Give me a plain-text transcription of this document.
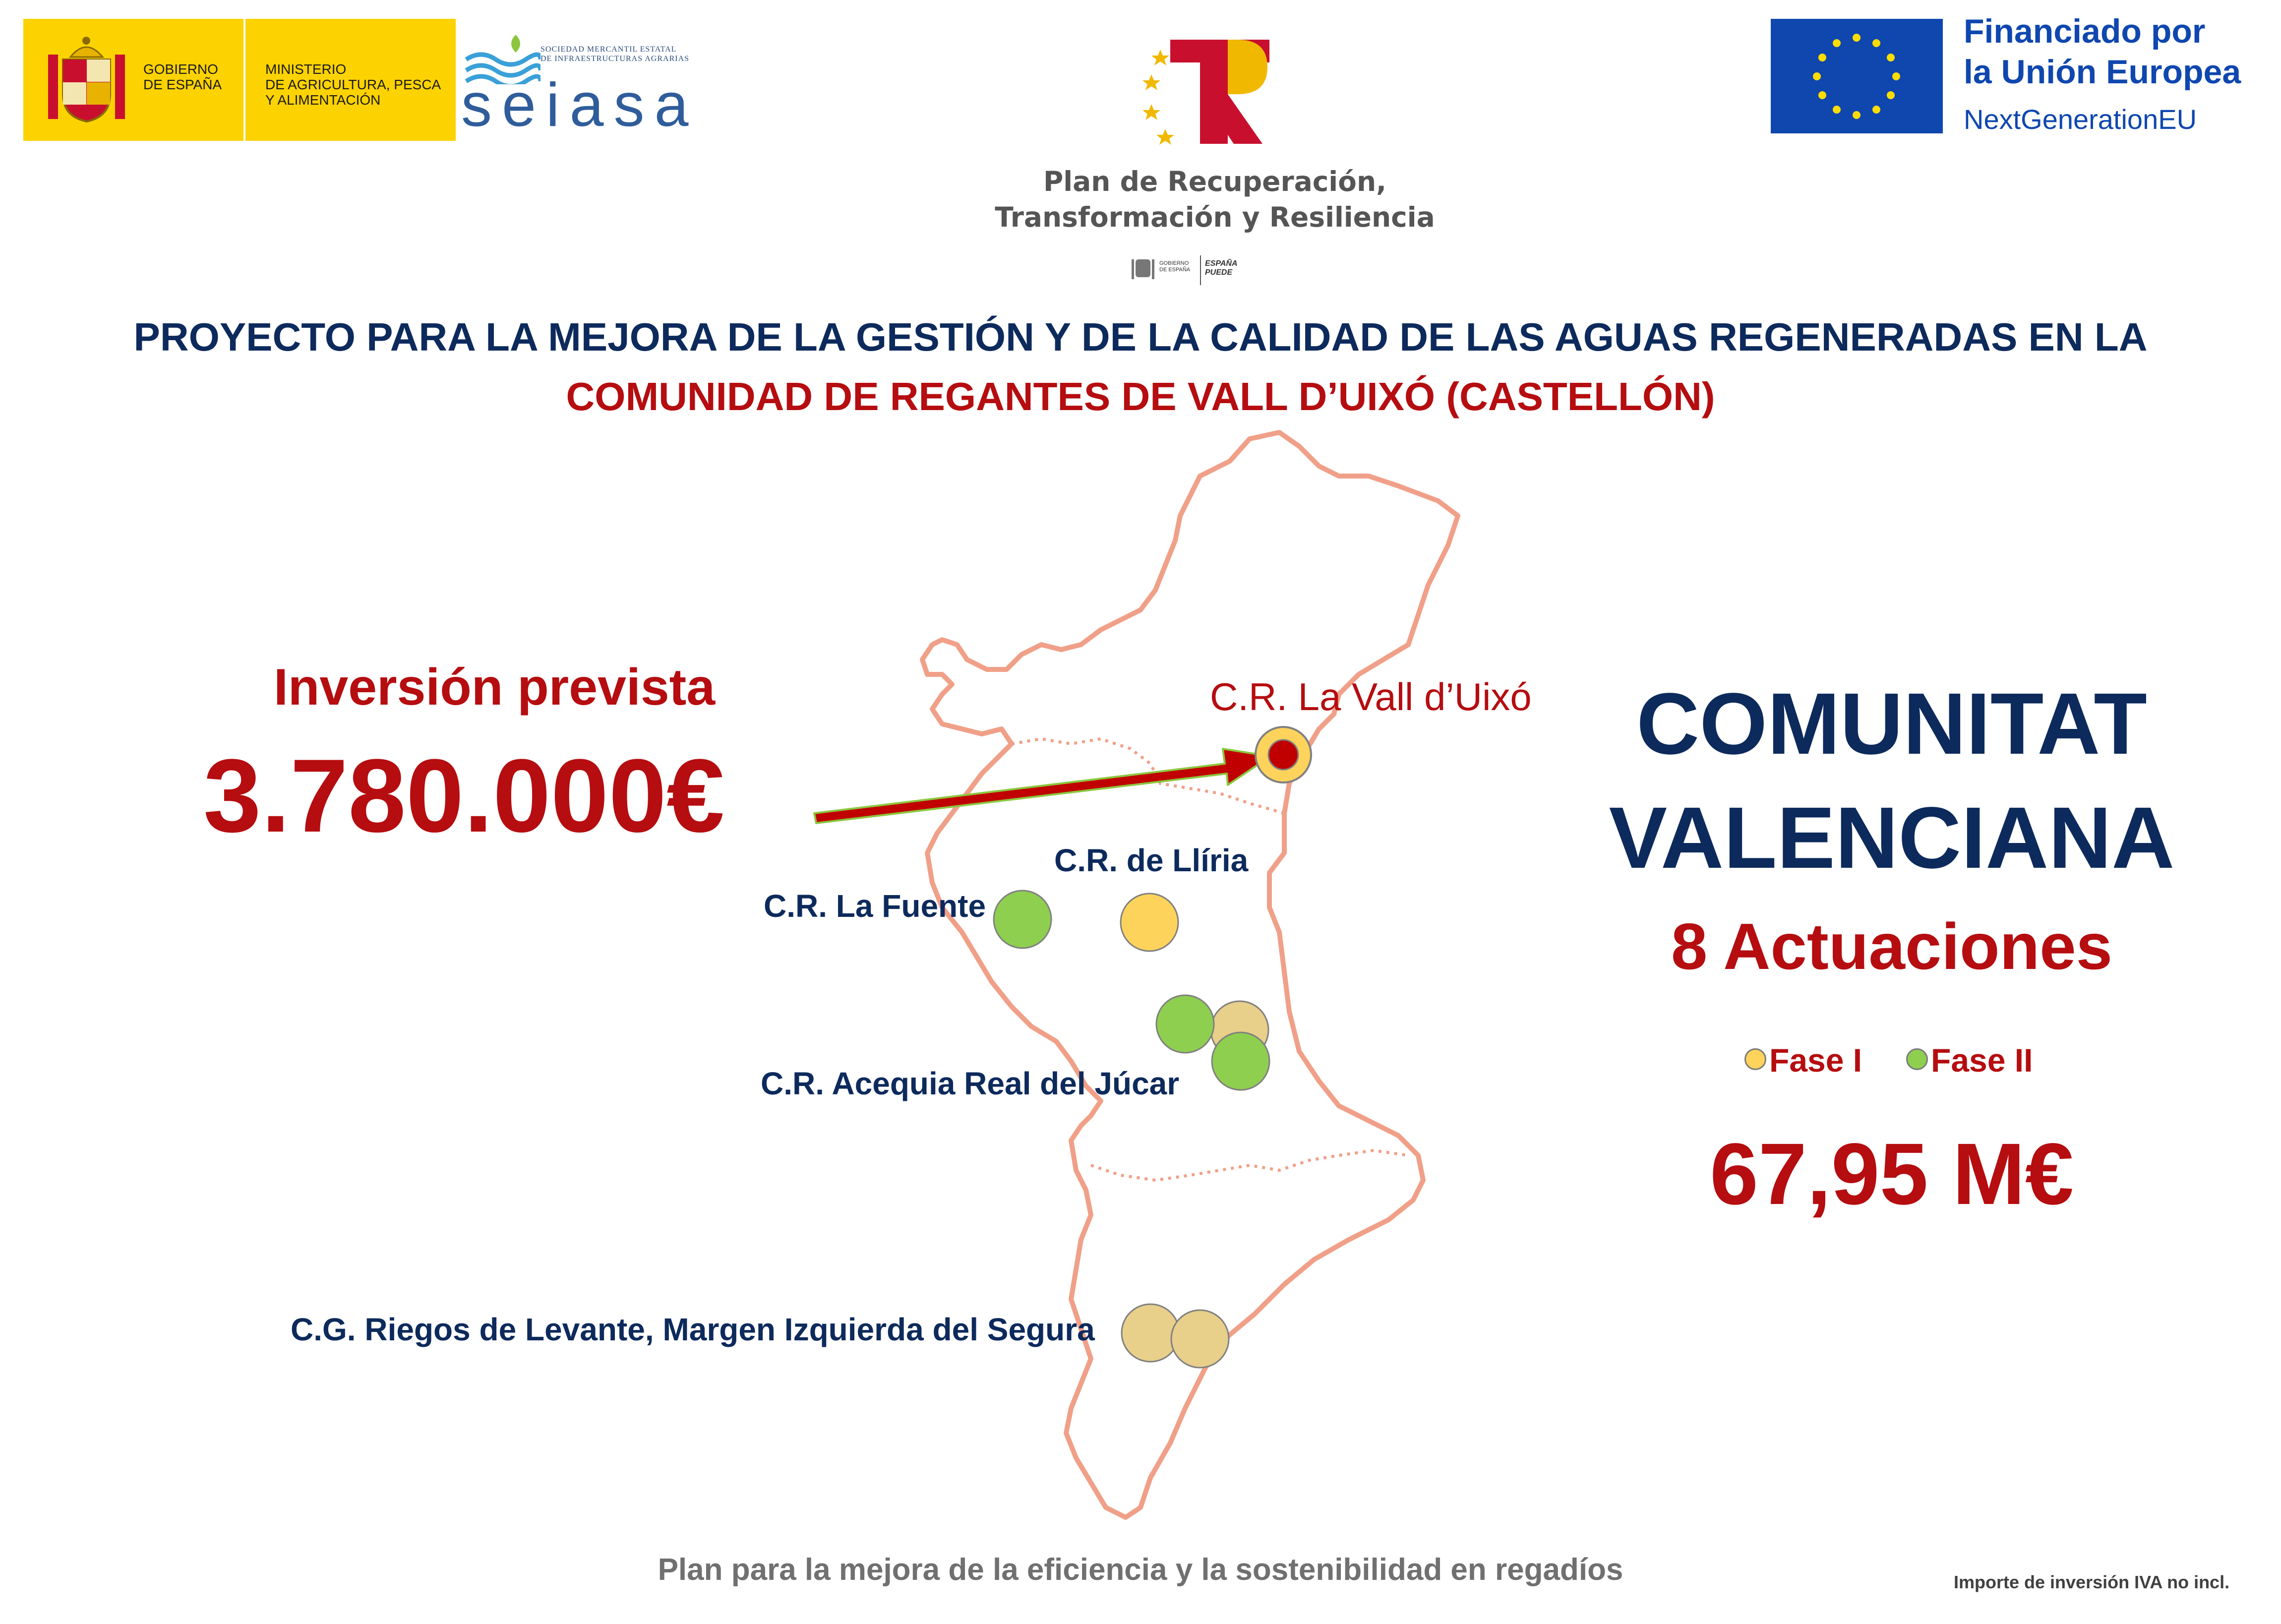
GOBIERNO
DE ESPAÑA
MINISTERIO
DE AGRICULTURA, PESCA
Y ALIMENTACIÓN
SOCIEDAD MERCANTIL ESTATAL
DE INFRAESTRUCTURAS AGRARIAS
seiasa
Plan de Recuperación,
Transformación y Resiliencia
GOBIERNO
DE ESPAÑA
ESPAÑA
PUEDE
Financiado por
la Unión Europea
NextGenerationEU
PROYECTO PARA LA MEJORA DE LA GESTIÓN Y DE LA CALIDAD DE LAS AGUAS REGENERADAS EN LA
COMUNIDAD DE REGANTES DE VALL D’UIXÓ (CASTELLÓN)
C.R. La Vall d’Uixó
C.R. de Llíria
C.R. La Fuente
C.R. Acequia Real del Júcar
C.G. Riegos de Levante, Margen Izquierda del Segura
Inversión prevista
3.780.000€
COMUNITAT
VALENCIANA
8 Actuaciones
Fase I Fase II
67,95 M€
Plan para la mejora de la eficiencia y la sostenibilidad en regadíos	Importe de inversión IVA no incl.
